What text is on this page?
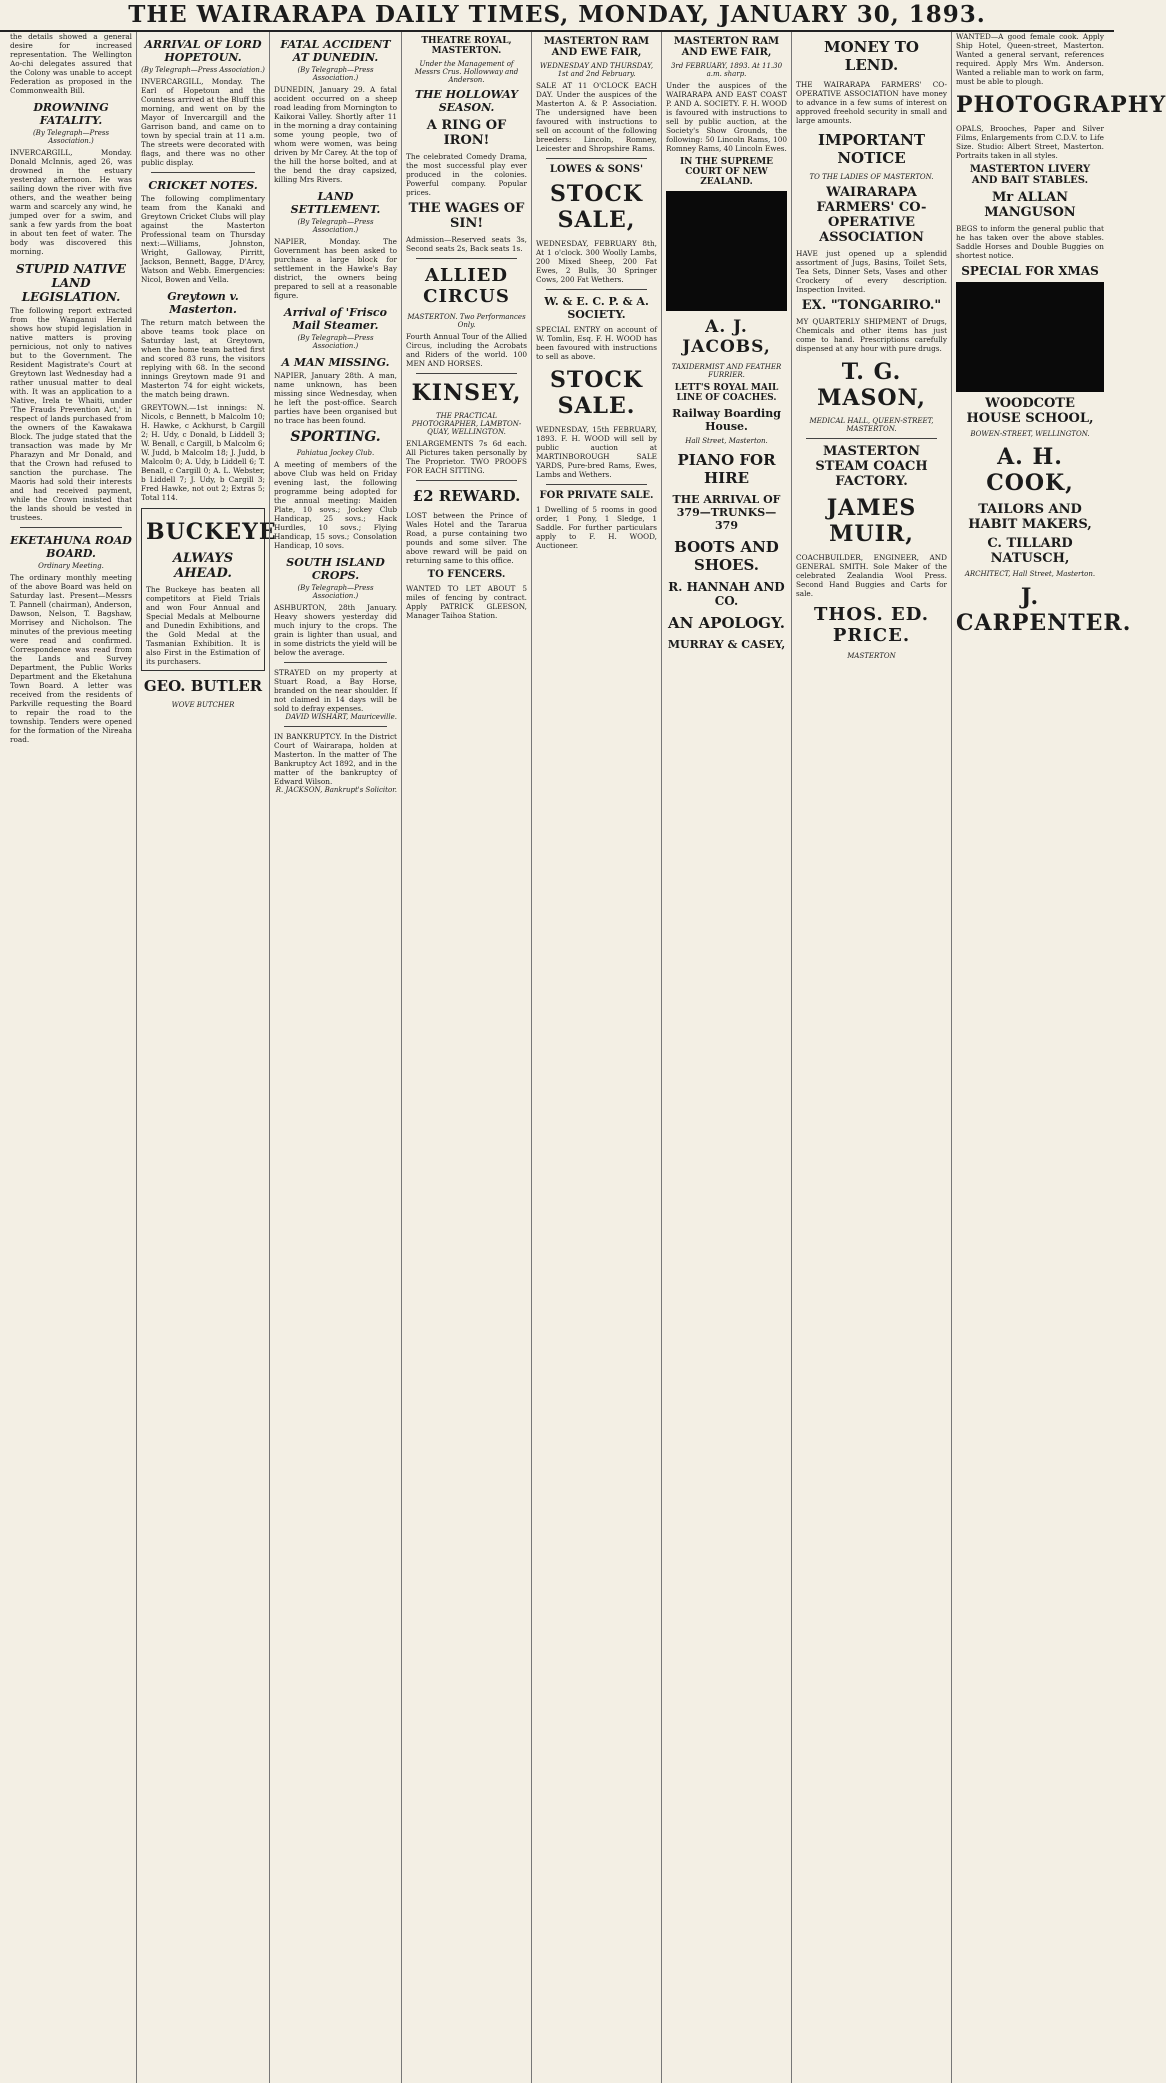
THE WAIRARAPA DAILY TIMES, MONDAY, JANUARY 30, 1893.
the details showed a general desire for increased representation. The Wellington Ao-chi delegates assured that the Colony was unable to accept Federation as proposed in the Commonwealth Bill.
DROWNING FATALITY.
(By Telegraph—Press Association.)
INVERCARGILL, Monday. Donald McInnis, aged 26, was drowned in the estuary yesterday afternoon. He was sailing down the river with five others, and the weather being warm and scarcely any wind, he jumped over for a swim, and sank a few yards from the boat in about ten feet of water. The body was discovered this morning.
STUPID NATIVE LAND LEGISLATION.
The following report extracted from the Wanganui Herald shows how stupid legislation in native matters is proving pernicious, not only to natives but to the Government. The Resident Magistrate's Court at Greytown last Wednesday had a rather unusual matter to deal with. It was an application to a Native, Irela te Whaiti, under 'The Frauds Prevention Act,' in respect of lands purchased from the owners of the Kawakawa Block. The judge stated that the transaction was made by Mr Pharazyn and Mr Donald, and that the Crown had refused to sanction the purchase. The Maoris had sold their interests and had received payment, while the Crown insisted that the lands should be vested in trustees.
EKETAHUNA ROAD BOARD.
Ordinary Meeting.
The ordinary monthly meeting of the above Board was held on Saturday last. Present—Messrs T. Pannell (chairman), Anderson, Dawson, Nelson, T. Bagshaw, Morrisey and Nicholson. The minutes of the previous meeting were read and confirmed. Correspondence was read from the Lands and Survey Department, the Public Works Department and the Eketahuna Town Board. A letter was received from the residents of Parkville requesting the Board to repair the road to the township. Tenders were opened for the formation of the Nireaha road.
ARRIVAL OF LORD HOPETOUN.
(By Telegraph—Press Association.)
INVERCARGILL, Monday. The Earl of Hopetoun and the Countess arrived at the Bluff this morning, and went on by the Mayor of Invercargill and the Garrison band, and came on to town by special train at 11 a.m. The streets were decorated with flags, and there was no other public display.
CRICKET NOTES.
The following complimentary team from the Kanaki and Greytown Cricket Clubs will play against the Masterton Professional team on Thursday next:—Williams, Johnston, Wright, Galloway, Pirritt, Jackson, Bennett, Bagge, D'Arcy, Watson and Webb. Emergencies: Nicol, Bowen and Vella.
Greytown v. Masterton.
The return match between the above teams took place on Saturday last, at Greytown, when the home team batted first and scored 83 runs, the visitors replying with 68. In the second innings Greytown made 91 and Masterton 74 for eight wickets, the match being drawn.
GREYTOWN.—1st innings: N. Nicols, c Bennett, b Malcolm 10; H. Hawke, c Ackhurst, b Cargill 2; H. Udy, c Donald, b Liddell 3; W. Benall, c Cargill, b Malcolm 6; W. Judd, b Malcolm 18; J. Judd, b Malcolm 0; A. Udy, b Liddell 6; T. Benall, c Cargill 0; A. L. Webster, b Liddell 7; J. Udy, b Cargill 3; Fred Hawke, not out 2; Extras 5; Total 114.
BUCKEYE
ALWAYS AHEAD.
The Buckeye has beaten all competitors at Field Trials and won Four Annual and Special Medals at Melbourne and Dunedin Exhibitions, and the Gold Medal at the Tasmanian Exhibition. It is also First in the Estimation of its purchasers.
GEO. BUTLER
WOVE BUTCHER
FATAL ACCIDENT AT DUNEDIN.
(By Telegraph—Press Association.)
DUNEDIN, January 29. A fatal accident occurred on a sheep road leading from Mornington to Kaikorai Valley. Shortly after 11 in the morning a dray containing some young people, two of whom were women, was being driven by Mr Carey. At the top of the hill the horse bolted, and at the bend the dray capsized, killing Mrs Rivers.
LAND SETTLEMENT.
(By Telegraph—Press Association.)
NAPIER, Monday. The Government has been asked to purchase a large block for settlement in the Hawke's Bay district, the owners being prepared to sell at a reasonable figure.
Arrival of 'Frisco Mail Steamer.
(By Telegraph—Press Association.)
A MAN MISSING.
NAPIER, January 28th. A man, name unknown, has been missing since Wednesday, when he left the post-office. Search parties have been organised but no trace has been found.
SPORTING.
Pahiatua Jockey Club.
A meeting of members of the above Club was held on Friday evening last, the following programme being adopted for the annual meeting: Maiden Plate, 10 sovs.; Jockey Club Handicap, 25 sovs.; Hack Hurdles, 10 sovs.; Flying Handicap, 15 sovs.; Consolation Handicap, 10 sovs.
SOUTH ISLAND CROPS.
(By Telegraph—Press Association.)
ASHBURTON, 28th January. Heavy showers yesterday did much injury to the crops. The grain is lighter than usual, and in some districts the yield will be below the average.
STRAYED on my property at Stuart Road, a Bay Horse, branded on the near shoulder. If not claimed in 14 days will be sold to defray expenses.
DAVID WISHART, Mauriceville.
IN BANKRUPTCY. In the District Court of Wairarapa, holden at Masterton. In the matter of The Bankruptcy Act 1892, and in the matter of the bankruptcy of Edward Wilson.
R. JACKSON, Bankrupt's Solicitor.
THEATRE ROYAL, MASTERTON.
Under the Management of Messrs Crus. Hollowway and Anderson.
THE HOLLOWAY SEASON.
A RING OF IRON!
The celebrated Comedy Drama, the most successful play ever produced in the colonies. Powerful company. Popular prices.
THE WAGES OF SIN!
Admission—Reserved seats 3s, Second seats 2s, Back seats 1s.
ALLIED CIRCUS
MASTERTON. Two Performances Only.
Fourth Annual Tour of the Allied Circus, including the Acrobats and Riders of the world. 100 MEN AND HORSES.
KINSEY,
THE PRACTICAL PHOTOGRAPHER, LAMBTON-QUAY, WELLINGTON.
ENLARGEMENTS 7s 6d each. All Pictures taken personally by The Proprietor. TWO PROOFS FOR EACH SITTING.
£2 REWARD.
LOST between the Prince of Wales Hotel and the Tararua Road, a purse containing two pounds and some silver. The above reward will be paid on returning same to this office.
TO FENCERS.
WANTED TO LET ABOUT 5 miles of fencing by contract. Apply PATRICK GLEESON, Manager Taihoa Station.
MASTERTON RAM AND EWE FAIR,
WEDNESDAY AND THURSDAY, 1st and 2nd February.
SALE AT 11 O'CLOCK EACH DAY. Under the auspices of the Masterton A. & P. Association. The undersigned have been favoured with instructions to sell on account of the following breeders: Lincoln, Romney, Leicester and Shropshire Rams.
LOWES & SONS'
STOCK SALE,
WEDNESDAY, FEBRUARY 8th, At 1 o'clock. 300 Woolly Lambs, 200 Mixed Sheep, 200 Fat Ewes, 2 Bulls, 30 Springer Cows, 200 Fat Wethers.
W. & E. C. P. & A. SOCIETY.
SPECIAL ENTRY on account of W. Tomlin, Esq. F. H. WOOD has been favoured with instructions to sell as above.
STOCK SALE.
WEDNESDAY, 15th FEBRUARY, 1893. F. H. WOOD will sell by public auction at MARTINBOROUGH SALE YARDS, Pure-bred Rams, Ewes, Lambs and Wethers.
FOR PRIVATE SALE.
1 Dwelling of 5 rooms in good order, 1 Pony, 1 Sledge, 1 Saddle. For further particulars apply to F. H. WOOD, Auctioneer.
MASTERTON RAM AND EWE FAIR,
3rd FEBRUARY, 1893. At 11.30 a.m. sharp.
Under the auspices of the WAIRARAPA AND EAST COAST P. AND A. SOCIETY. F. H. WOOD is favoured with instructions to sell by public auction, at the Society's Show Grounds, the following: 50 Lincoln Rams, 100 Romney Rams, 40 Lincoln Ewes.
IN THE SUPREME COURT OF NEW ZEALAND.
A. J. JACOBS,
TAXIDERMIST AND FEATHER FURRIER.
LETT'S ROYAL MAIL LINE OF COACHES.
Railway Boarding House.
Hall Street, Masterton.
PIANO FOR HIRE
THE ARRIVAL OF 379—TRUNKS—379
BOOTS AND SHOES.
R. HANNAH AND CO.
AN APOLOGY.
MURRAY & CASEY,
MONEY TO LEND.
THE WAIRARAPA FARMERS' CO-OPERATIVE ASSOCIATION have money to advance in a few sums of interest on approved freehold security in small and large amounts.
IMPORTANT NOTICE
TO THE LADIES OF MASTERTON.
WAIRARAPA FARMERS' CO-OPERATIVE ASSOCIATION
HAVE just opened up a splendid assortment of Jugs, Basins, Toilet Sets, Tea Sets, Dinner Sets, Vases and other Crockery of every description. Inspection Invited.
EX. "TONGARIRO."
MY QUARTERLY SHIPMENT of Drugs, Chemicals and other items has just come to hand. Prescriptions carefully dispensed at any hour with pure drugs.
T. G. MASON,
MEDICAL HALL, QUEEN-STREET, MASTERTON.
MASTERTON STEAM COACH FACTORY.
JAMES MUIR,
COACHBUILDER, ENGINEER, AND GENERAL SMITH. Sole Maker of the celebrated Zealandia Wool Press. Second Hand Buggies and Carts for sale.
THOS. ED. PRICE.
MASTERTON
WANTED—A good female cook. Apply Ship Hotel, Queen-street, Masterton. Wanted a general servant, references required. Apply Mrs Wm. Anderson. Wanted a reliable man to work on farm, must be able to plough.
PHOTOGRAPHY
OPALS, Brooches, Paper and Silver Films, Enlargements from C.D.V. to Life Size. Studio: Albert Street, Masterton. Portraits taken in all styles.
MASTERTON LIVERY AND BAIT STABLES.
Mr ALLAN MANGUSON
BEGS to inform the general public that he has taken over the above stables. Saddle Horses and Double Buggies on shortest notice.
SPECIAL FOR XMAS
WOODCOTE HOUSE SCHOOL,
BOWEN-STREET, WELLINGTON.
A. H. COOK,
TAILORS AND HABIT MAKERS,
C. TILLARD NATUSCH,
ARCHITECT, Hall Street, Masterton.
J. CARPENTER.
